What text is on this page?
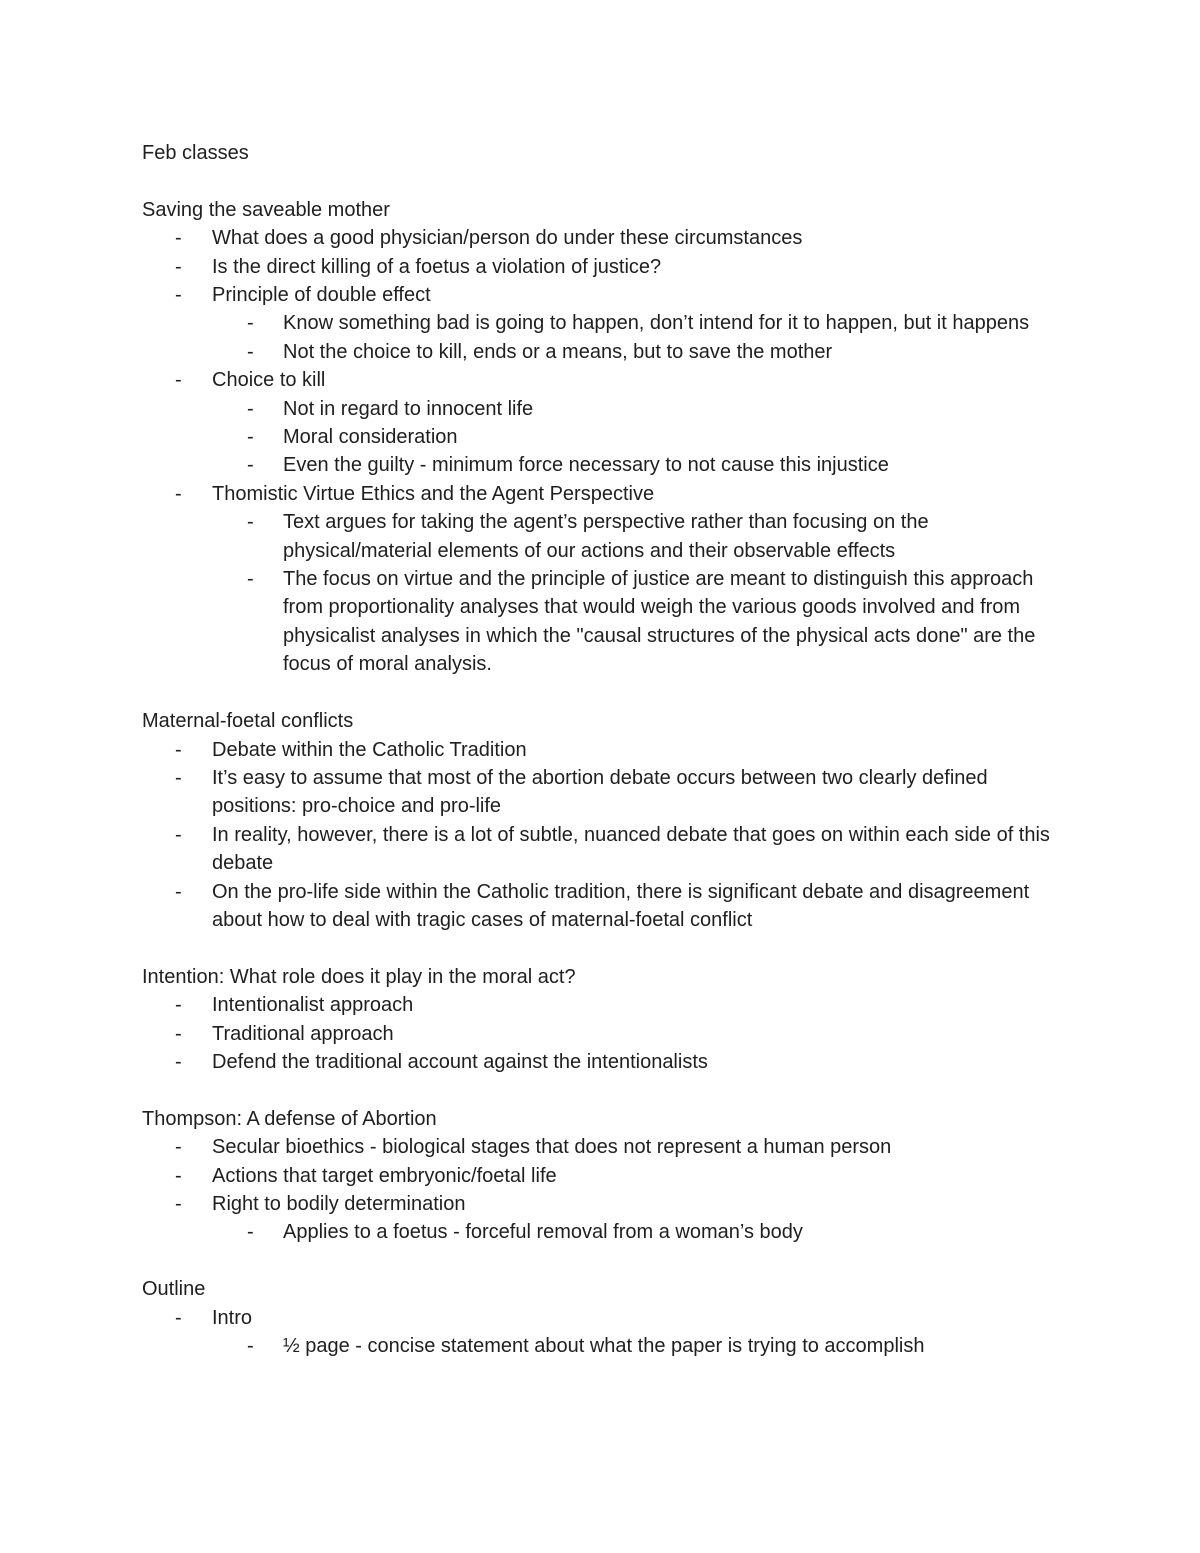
Feb classes

Saving the saveable mother

- What does a good physician/person do under these circumstances
- Is the direct killing of a foetus a violation of justice?
- Principle of double effect
- Know something bad is going to happen, don’t intend for it to happen, but it happens
- Not the choice to kill, ends or a means, but to save the mother
- Choice to kill
- Not in regard to innocent life
- Moral consideration
- Even the guilty - minimum force necessary to not cause this injustice
- Thomistic Virtue Ethics and the Agent Perspective
- Text argues for taking the agent’s perspective rather than focusing on the physical/material elements of our actions and their observable effects
- The focus on virtue and the principle of justice are meant to distinguish this approach from proportionality analyses that would weigh the various goods involved and from physicalist analyses in which the "causal structures of the physical acts done" are the focus of moral analysis.

Maternal-foetal conflicts

- Debate within the Catholic Tradition
- It’s easy to assume that most of the abortion debate occurs between two clearly defined positions: pro-choice and pro-life
- In reality, however, there is a lot of subtle, nuanced debate that goes on within each side of this debate
- On the pro-life side within the Catholic tradition, there is significant debate and disagreement about how to deal with tragic cases of maternal-foetal conflict

Intention: What role does it play in the moral act?

- Intentionalist approach
- Traditional approach
- Defend the traditional account against the intentionalists

Thompson: A defense of Abortion

- Secular bioethics - biological stages that does not represent a human person
- Actions that target embryonic/foetal life
- Right to bodily determination
- Applies to a foetus - forceful removal from a woman’s body

Outline

- Intro
- ½ page - concise statement about what the paper is trying to accomplish
